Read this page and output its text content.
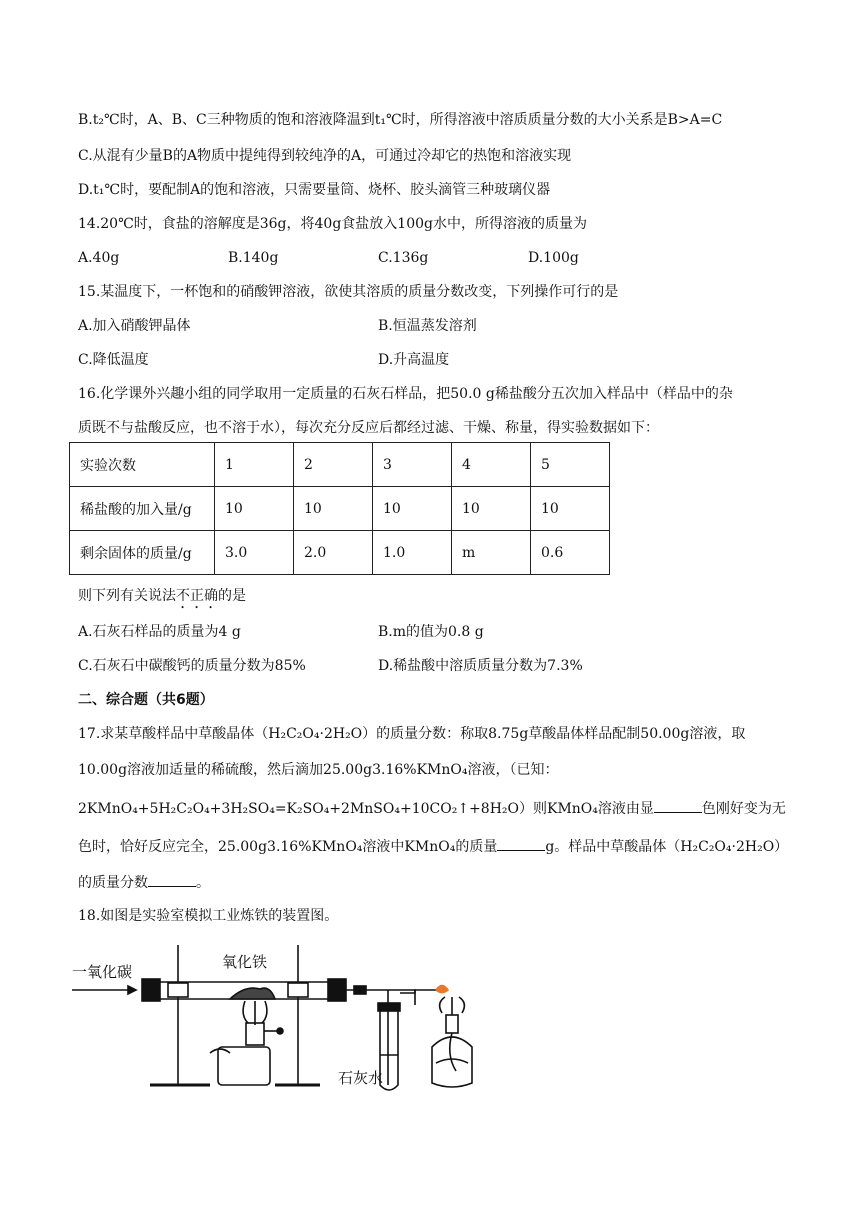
B.t₂℃时，A、B、C三种物质的饱和溶液降温到t₁℃时，所得溶液中溶质质量分数的大小关系是B>A=C
C.从混有少量B的A物质中提纯得到较纯净的A，可通过冷却它的热饱和溶液实现
D.t₁℃时，要配制A的饱和溶液，只需要量筒、烧杯、胶头滴管三种玻璃仪器
14.20℃时，食盐的溶解度是36g，将40g食盐放入100g水中，所得溶液的质量为
A.40g	B.140g	C.136g	D.100g
15.某温度下，一杯饱和的硝酸钾溶液，欲使其溶质的质量分数改变，下列操作可行的是
A.加入硝酸钾晶体	B.恒温蒸发溶剂
C.降低温度	D.升高温度
16.化学课外兴趣小组的同学取用一定质量的石灰石样品，把50.0 g稀盐酸分五次加入样品中（样品中的杂
质既不与盐酸反应，也不溶于水），每次充分反应后都经过滤、干燥、称量，得实验数据如下：
实验次数	1	2	3	4	5
稀盐酸的加入量/g	10	10	10	10	10
剩余固体的质量/g	3.0	2.0	1.0	m	0.6
则下列有关说法不正确的是
A.石灰石样品的质量为4 g	B.m的值为0.8 g
C.石灰石中碳酸钙的质量分数为85%	D.稀盐酸中溶质质量分数为7.3%
二、综合题（共6题）
17.求某草酸样品中草酸晶体（H₂C₂O₄·2H₂O）的质量分数：称取8.75g草酸晶体样品配制50.00g溶液，取
10.00g溶液加适量的稀硫酸，然后滴加25.00g3.16%KMnO₄溶液，（已知：
2KMnO₄+5H₂C₂O₄+3H₂SO₄=K₂SO₄+2MnSO₄+10CO₂↑+8H₂O）则KMnO₄溶液由显	色刚好变为无
色时，恰好反应完全，25.00g3.16%KMnO₄溶液中KMnO₄的质量	g。样品中草酸晶体（H₂C₂O₄·2H₂O）
的质量分数	。
18.如图是实验室模拟工业炼铁的装置图。
一氧化碳
氧化铁
石灰水
